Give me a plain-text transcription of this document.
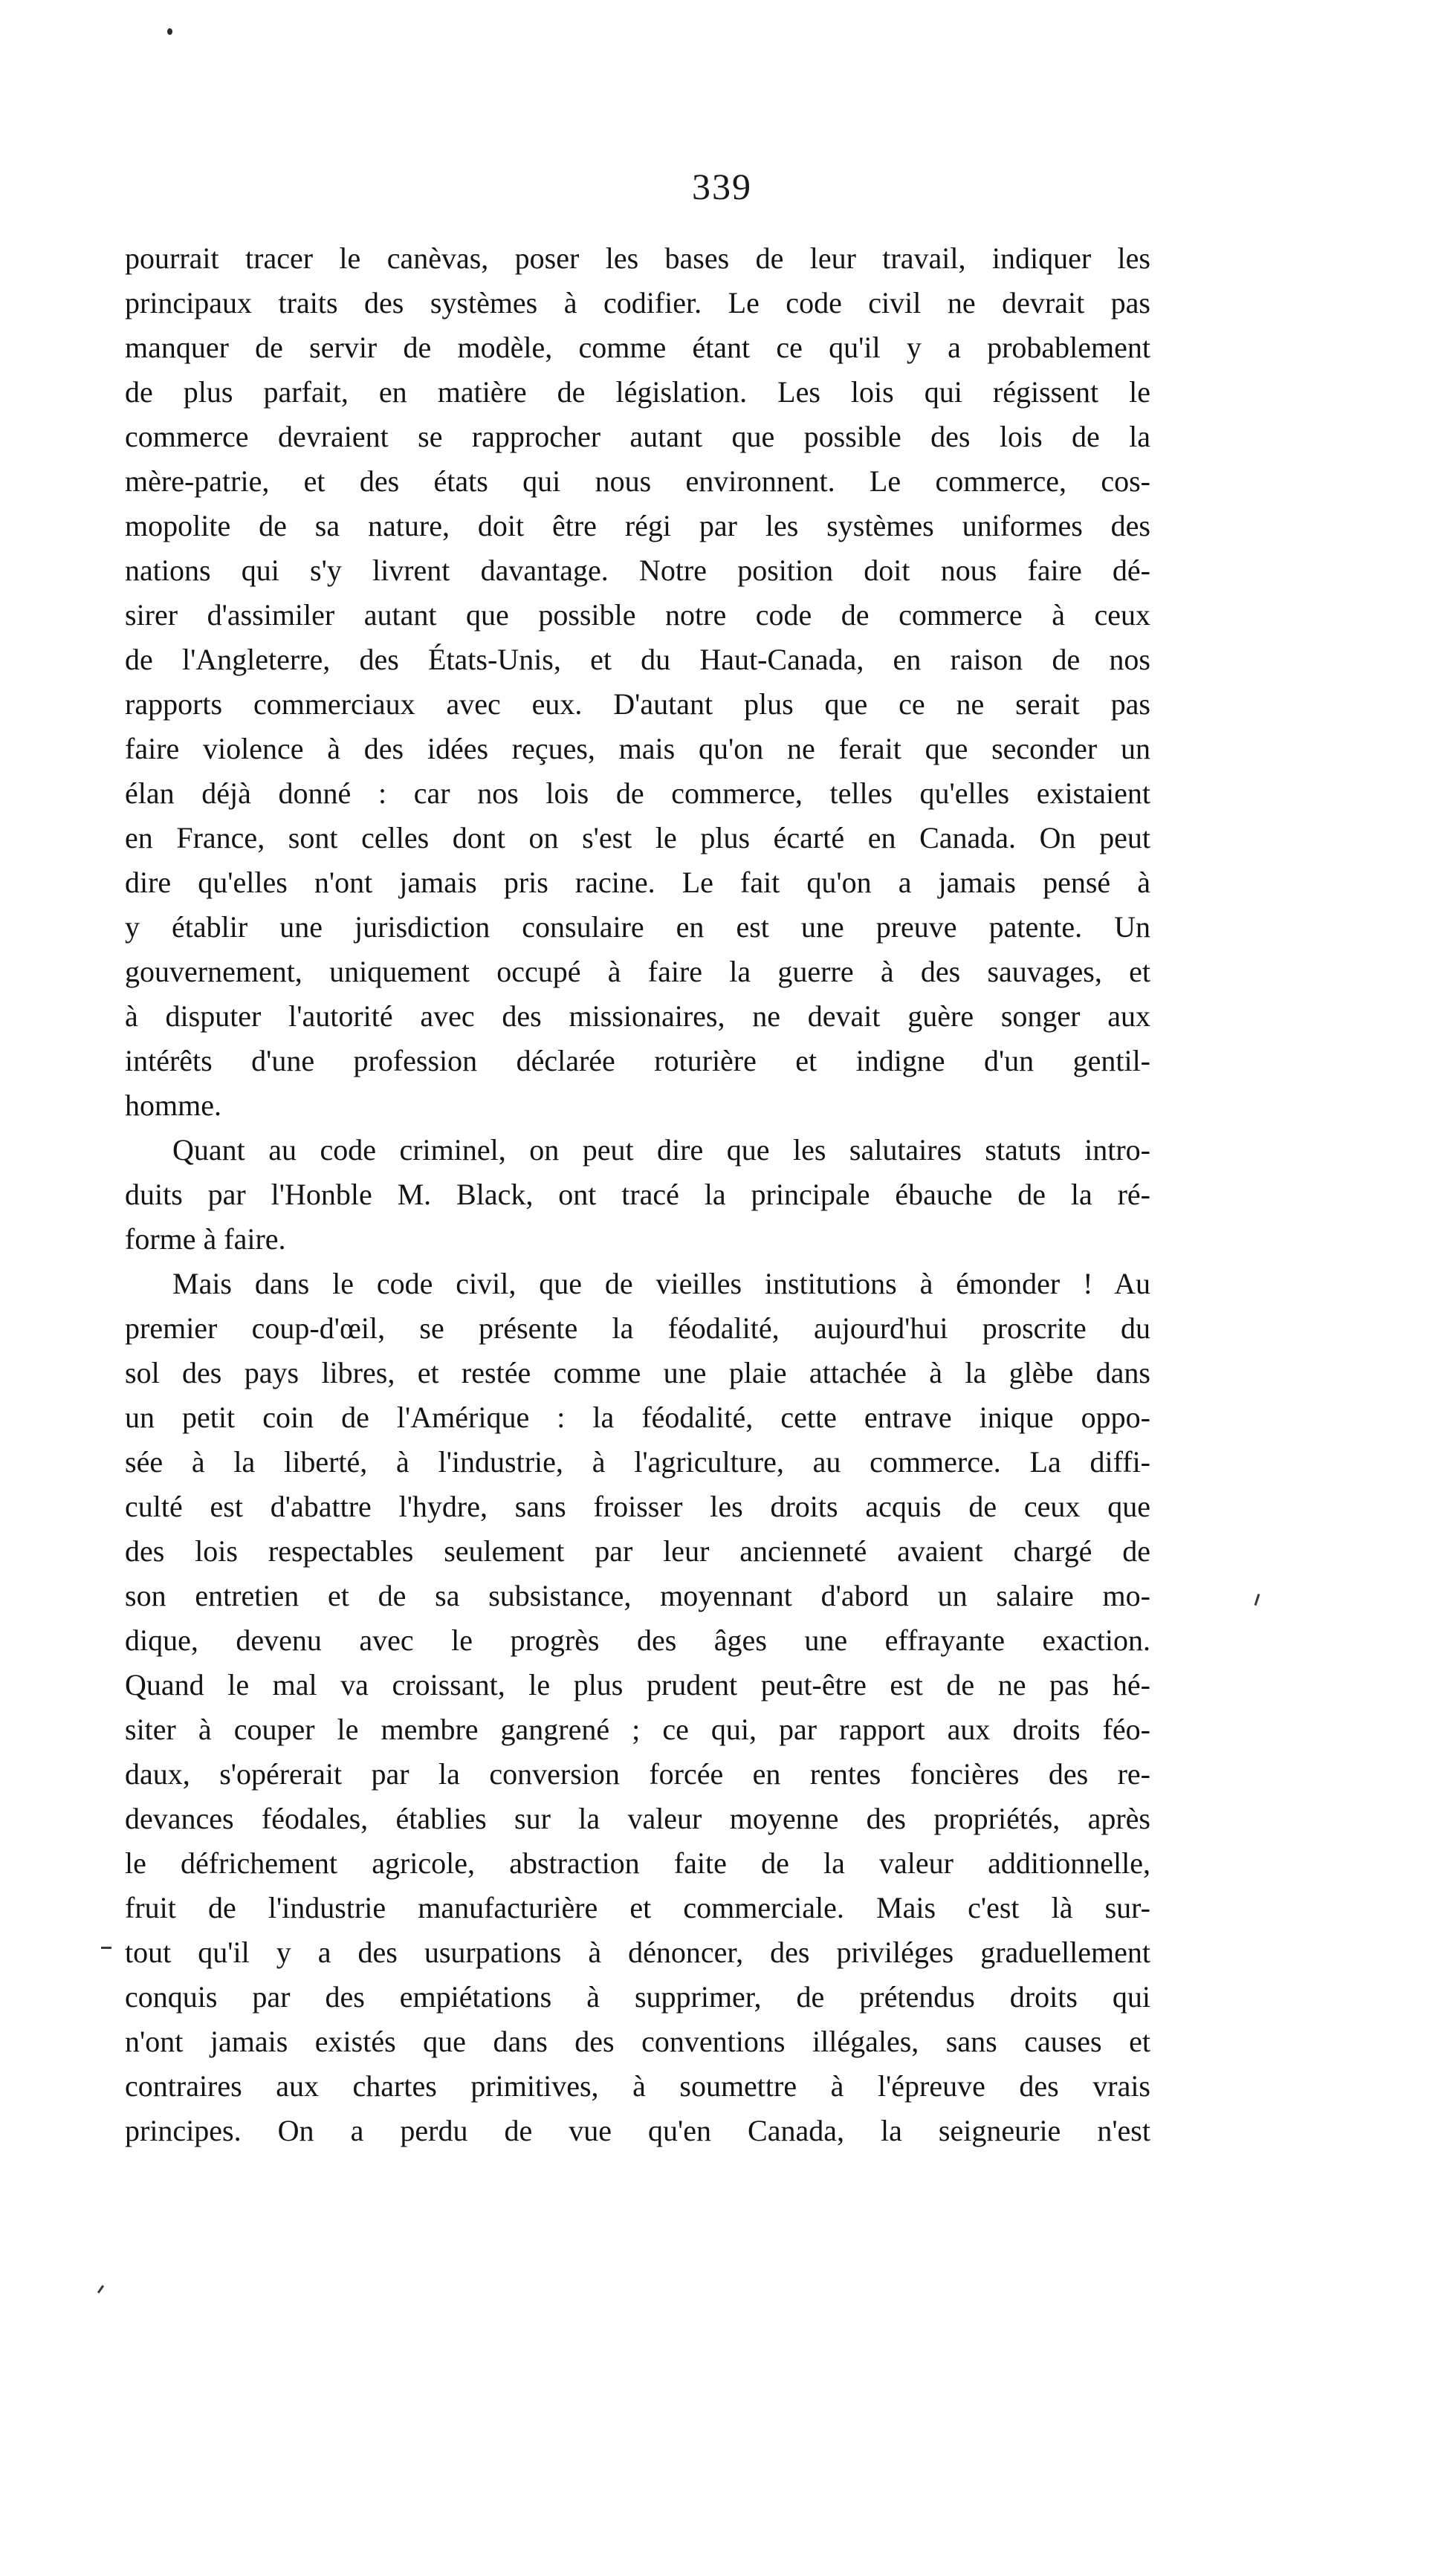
339
pourrait tracer le canèvas, poser les bases de leur travail, indiquer les
principaux traits des systèmes à codifier. Le code civil ne devrait pas
manquer de servir de modèle, comme étant ce qu'il y a probablement
de plus parfait, en matière de législation. Les lois qui régissent le
commerce devraient se rapprocher autant que possible des lois de la
mère-patrie, et des états qui nous environnent. Le commerce, cos-
mopolite de sa nature, doit être régi par les systèmes uniformes des
nations qui s'y livrent davantage. Notre position doit nous faire dé-
sirer d'assimiler autant que possible notre code de commerce à ceux
de l'Angleterre, des États-Unis, et du Haut-Canada, en raison de nos
rapports commerciaux avec eux. D'autant plus que ce ne serait pas
faire violence à des idées reçues, mais qu'on ne ferait que seconder un
élan déjà donné : car nos lois de commerce, telles qu'elles existaient
en France, sont celles dont on s'est le plus écarté en Canada. On peut
dire qu'elles n'ont jamais pris racine. Le fait qu'on a jamais pensé à
y établir une jurisdiction consulaire en est une preuve patente. Un
gouvernement, uniquement occupé à faire la guerre à des sauvages, et
à disputer l'autorité avec des missionaires, ne devait guère songer aux
intérêts d'une profession déclarée roturière et indigne d'un gentil-
homme.
Quant au code criminel, on peut dire que les salutaires statuts intro-
duits par l'Honble M. Black, ont tracé la principale ébauche de la ré-
forme à faire.
Mais dans le code civil, que de vieilles institutions à émonder ! Au
premier coup-d'œil, se présente la féodalité, aujourd'hui proscrite du
sol des pays libres, et restée comme une plaie attachée à la glèbe dans
un petit coin de l'Amérique : la féodalité, cette entrave inique oppo-
sée à la liberté, à l'industrie, à l'agriculture, au commerce. La diffi-
culté est d'abattre l'hydre, sans froisser les droits acquis de ceux que
des lois respectables seulement par leur ancienneté avaient chargé de
son entretien et de sa subsistance, moyennant d'abord un salaire mo-
dique, devenu avec le progrès des âges une effrayante exaction.
Quand le mal va croissant, le plus prudent peut-être est de ne pas hé-
siter à couper le membre gangrené ; ce qui, par rapport aux droits féo-
daux, s'opérerait par la conversion forcée en rentes foncières des re-
devances féodales, établies sur la valeur moyenne des propriétés, après
le défrichement agricole, abstraction faite de la valeur additionnelle,
fruit de l'industrie manufacturière et commerciale. Mais c'est là sur-
tout qu'il y a des usurpations à dénoncer, des priviléges graduellement
conquis par des empiétations à supprimer, de prétendus droits qui
n'ont jamais existés que dans des conventions illégales, sans causes et
contraires aux chartes primitives, à soumettre à l'épreuve des vrais
principes. On a perdu de vue qu'en Canada, la seigneurie n'est
